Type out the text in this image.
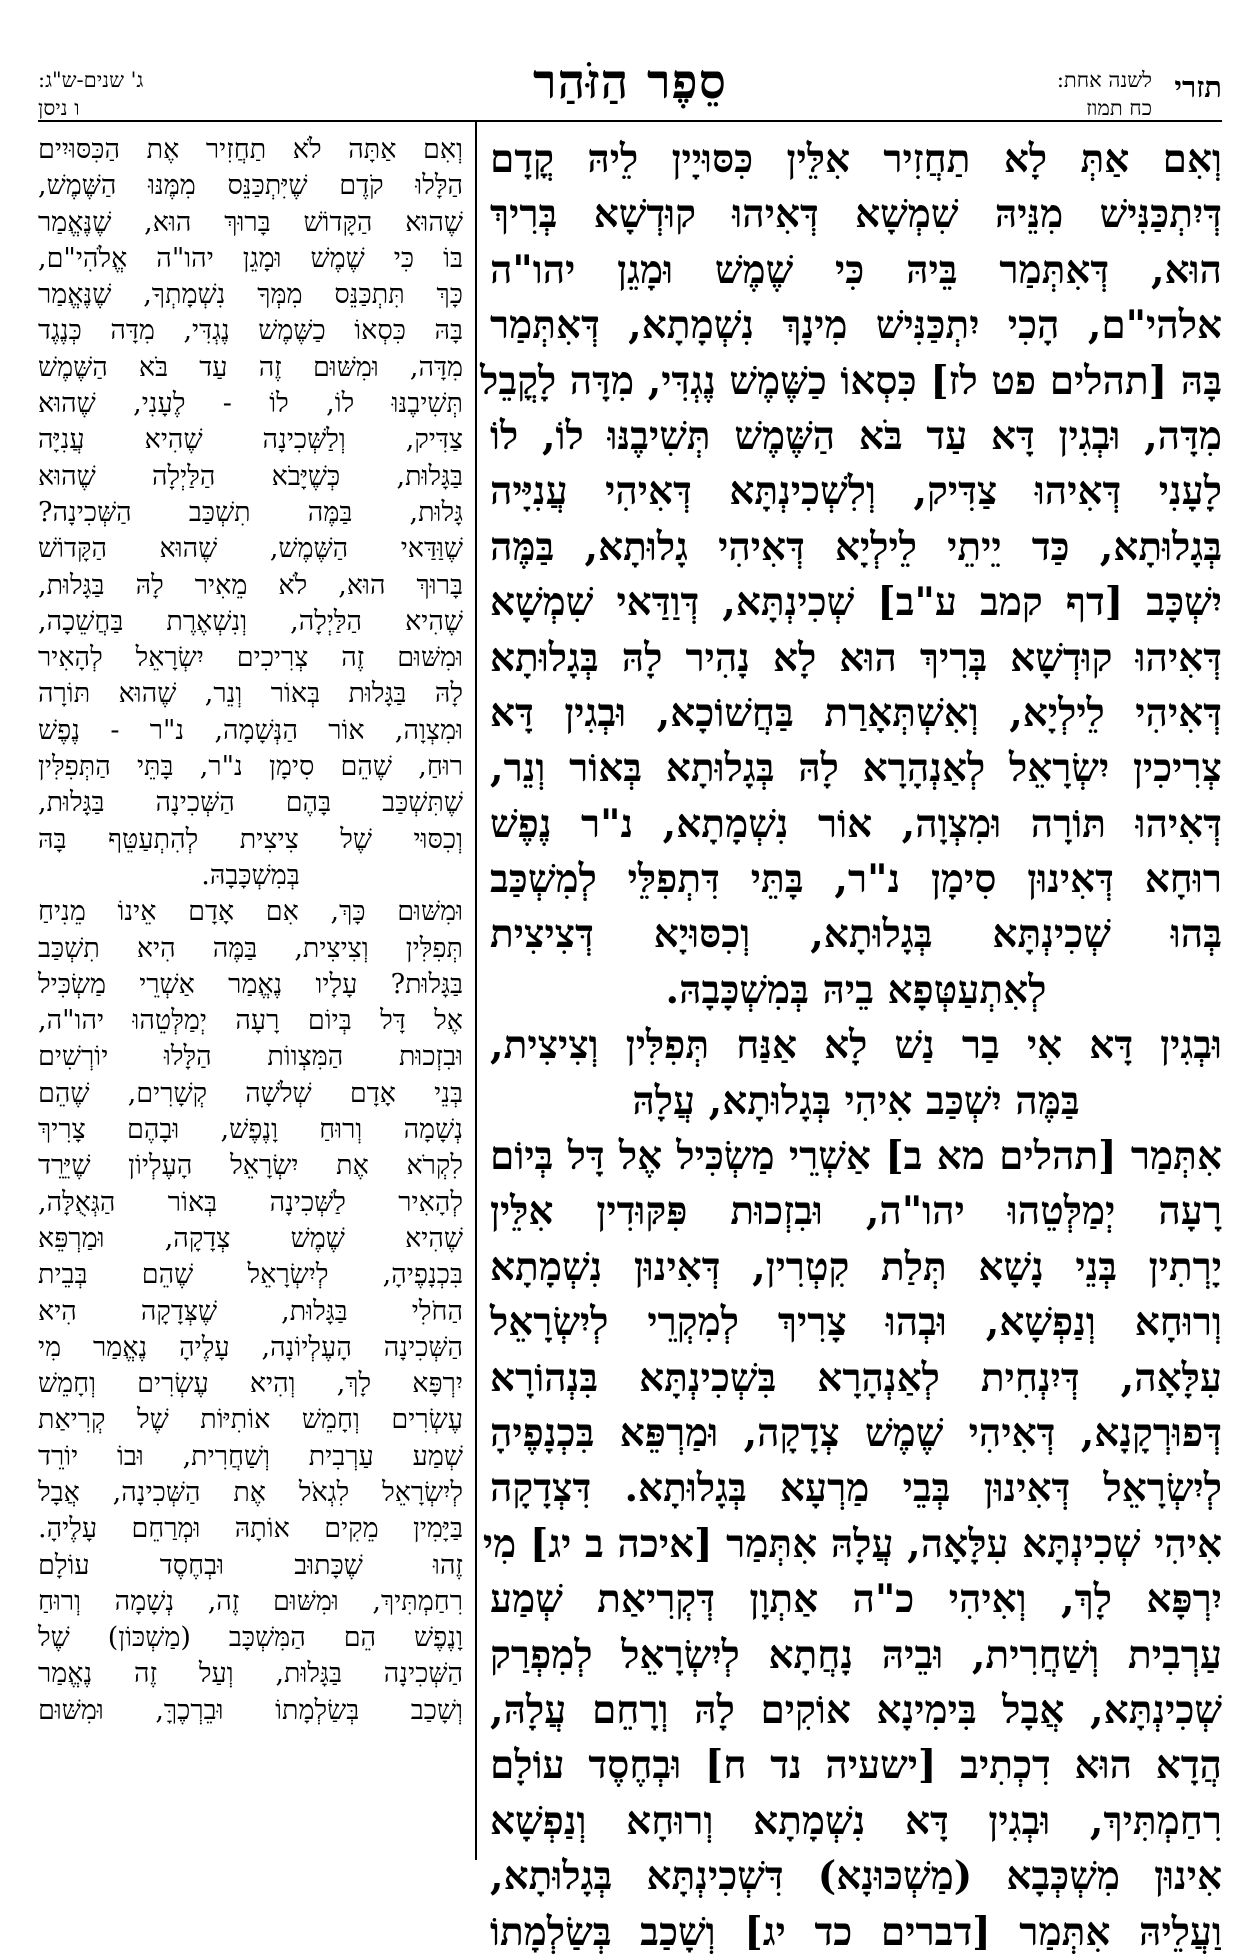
תזרי
לשנה אחת:
כח תמוז
סֵפֶר הַזֹּהַר
ג' שנים-ש"ג:
ו ניסן
וְאִם אַתְּ לָא תַחֲזִיר אִלֵּין כִּסּוּיָין לֵיהּ קֳדָם
דְּיִתְכַּנִּישׁ מִנֵּיהּ שִׁמְשָׁא דְּאִיהוּ קוּדְשָׁא בְּרִיךְ
הוּא, דְּאִתְּמַר בֵּיהּ כִּי שֶׁמֶשׁ וּמָגֵן יהו"ה
אלהי"ם, הָכִי יִתְכַּנִּישׁ מִינָךְ נִשְׁמָתָא, דְּאִתְּמַר
בָּהּ [תהלים פט לז] כִּסְאוֹ כַשֶּׁמֶשׁ נֶגְדִּי, מִדָּה לָקֳבֵל
מִדָּה, וּבְגִין דָּא עַד בֹּא הַשֶּׁמֶשׁ תְּשִׁיבֶנּוּ לוֹ, לוֹ
לָעָנִי דְּאִיהוּ צַדִּיק, וְלִשְׁכִינְתָּא דְּאִיהִי עֲנִיָּיה
בְּגָלוּתָא, כַּד יֵיתֵי לֵילְיָא דְּאִיהִי גָלוּתָא, בַּמֶּה
יִשְׁכָּב [דף קמב ע"ב] שְׁכִינְתָּא, דְּוַדַּאי שִׁמְשָׁא
דְּאִיהוּ קוּדְשָׁא בְּרִיךְ הוּא לָא נָהִיר לָהּ בְּגָלוּתָא
דְּאִיהִי לֵילְיָא, וְאִשְׁתְּאָרַת בַּחֲשׁוֹכָא, וּבְגִין דָּא
צְרִיכִין יִשְׂרָאֵל לְאַנְהָרָא לָהּ בְּגָלוּתָא בְּאוֹר וְנֵר,
דְּאִיהוּ תּוֹרָה וּמִצְוָה, אוֹר נִשְׁמָתָא, נ"ר נֶפֶשׁ
רוּחָא דְּאִינוּן סִימָן נ"ר, בָּתֵּי דִּתְפִלֵּי לְמִשְׁכַּב
בְּהוּ שְׁכִינְתָּא בְּגָלוּתָא, וְכִסּוּיָא דְּצִיצִית
לְאִתְעַטְּפָא בֵיהּ בְּמִשְׁכָּבָהּ.
וּבְגִין דָּא אִי בַר נַשׁ לָא אַנַּח תְּפִלִּין וְצִיצִית,
בַּמֶּה יִשְׁכַּב אִיהִי בְּגָלוּתָא, עֲלָהּ
אִתְּמַר [תהלים מא ב] אַשְׁרֵי מַשְׂכִּיל אֶל דָּל בְּיוֹם
רָעָה יְמַלְּטֵהוּ יהו"ה, וּבִזְכוּת פִּקּוּדִין אִלֵּין
יָרְתִין בְּנֵי נָשָׁא תְּלַת קִטְרִין, דְּאִינוּן נִשְׁמָתָא
וְרוּחָא וְנַפְשָׁא, וּבְהוּ צָרִיךְ לְמִקְרֵי לְיִשְׂרָאֵל
עִלָּאָה, דְּיִנְחִית לְאַנְהָרָא בִּשְׁכִינְתָּא בִּנְהוֹרָא
דְּפוּרְקָנָא, דְּאִיהִי שֶׁמֶשׁ צְדָקָה, וּמַרְפֵּא בִּכְנָפֶיהָ
לְיִשְׂרָאֵל דְּאִינוּן בְּבֵי מַרְעָא בְּגָלוּתָא. דִּצְדָקָה
אִיהִי שְׁכִינְתָּא עִלָּאָה, עֲלָהּ אִתְּמַר [איכה ב יג] מִי
יִרְפָּא לָךְ, וְאִיהִי כ"ה אַתְוָן דְּקְרִיאַת שְׁמַע
עַרְבִית וְשַׁחֲרִית, וּבֵיהּ נָחֲתָא לְיִשְׂרָאֵל לְמִפְרַק
שְׁכִינְתָּא, אֲבָל בִּימִינָא אוֹקִים לָהּ וְרָחֵם עֲלָהּ,
הֲדָא הוּא דִכְתִיב [ישעיה נד ח] וּבְחֶסֶד עוֹלָם
רִחַמְתִּיךְ, וּבְגִין דָּא נִשְׁמָתָא וְרוּחָא וְנַפְשָׁא
אִינוּן מִשְׁכְּבָא (מַשְׁכּוּנָא) דִּשְׁכִינְתָּא בְּגָלוּתָא,
וַעֲלֵיהּ אִתְּמַר [דברים כד יג] וְשָׁכַב בְּשַׂלְמָתוֹ
וְאִם אַתָּה לֹא תַחֲזִיר אֶת הַכִּסּוּיִים
הַלָּלוּ קֹדֶם שֶׁיִּתְכַּנֵּס מִמֶּנּוּ הַשֶּׁמֶשׁ,
שֶׁהוּא הַקָּדוֹשׁ בָּרוּךְ הוּא, שֶׁנֶּאֱמַר
בּוֹ כִּי שֶׁמֶשׁ וּמָגֵן יהו"ה אֱלֹהִי"ם,
כָּךְ תִּתְכַּנֵּס מִמְּךָ נִשְׁמָתְךָ, שֶׁנֶּאֱמַר
בָּהּ כִּסְאוֹ כַשֶּׁמֶשׁ נֶגְדִּי, מִדָּה כְּנֶגֶד
מִדָּה, וּמִשּׁוּם זֶה עַד בֹּא הַשֶּׁמֶשׁ
תְּשִׁיבֶנּוּ לוֹ, לוֹ - לֶעָנִי, שֶׁהוּא
צַדִּיק, וְלַשְּׁכִינָה שֶׁהִיא עֲנִיָּה
בַּגָּלוּת, כְּשֶׁיָּבֹא הַלַּיְלָה שֶׁהוּא
גָּלוּת, בַּמֶּה תִשְׁכַּב הַשְּׁכִינָה?
שֶׁוַּדַּאי הַשֶּׁמֶשׁ, שֶׁהוּא הַקָּדוֹשׁ
בָּרוּךְ הוּא, לֹא מֵאִיר לָהּ בַּגָּלוּת,
שֶׁהִיא הַלַּיְלָה, וְנִשְׁאֶרֶת בַּחֲשֵׁכָה,
וּמִשּׁוּם זֶה צְרִיכִים יִשְׂרָאֵל לְהָאִיר
לָהּ בַּגָּלוּת בְּאוֹר וְנֵר, שֶׁהוּא תּוֹרָה
וּמִצְוָה, אוֹר הַנְּשָׁמָה, נ"ר - נֶפֶשׁ
רוּחַ, שֶׁהֵם סִימָן נ"ר, בָּתֵּי הַתְּפִלִּין
שֶׁתִּשְׁכַּב בָּהֶם הַשְּׁכִינָה בַּגָּלוּת,
וְכִסּוּי שֶׁל צִיצִית לְהִתְעַטֵּף בָּהּ
בְּמִשְׁכָּבָהּ.
וּמִשּׁוּם כָּךְ, אִם אָדָם אֵינוֹ מֵנִיחַ
תְּפִלִּין וְצִיצִית, בַּמֶּה הִיא תִשְׁכַּב
בַּגָּלוּת? עָלָיו נֶאֱמַר אַשְׁרֵי מַשְׂכִּיל
אֶל דָּל בְּיוֹם רָעָה יְמַלְּטֵהוּ יהו"ה,
וּבִזְכוּת הַמִּצְווֹת הַלָּלוּ יוֹרְשִׁים
בְּנֵי אָדָם שְׁלֹשָׁה קְשָׁרִים, שֶׁהֵם
נְשָׁמָה וְרוּחַ וָנֶפֶשׁ, וּבָהֶם צָרִיךְ
לִקְרֹא אֶת יִשְׂרָאֵל הָעֶלְיוֹן שֶׁיֵּרֵד
לְהָאִיר לַשְּׁכִינָה בְּאוֹר הַגְּאֻלָּה,
שֶׁהִיא שֶׁמֶשׁ צְדָקָה, וּמַרְפֵּא
בִּכְנָפֶיהָ, לְיִשְׂרָאֵל שֶׁהֵם בְּבֵית
הַחֹלִי בַּגָּלוּת, שֶׁצְּדָקָה הִיא
הַשְּׁכִינָה הָעֶלְיוֹנָה, עָלֶיהָ נֶאֱמַר מִי
יִרְפָּא לָךְ, וְהִיא עֶשְׂרִים וְחָמֵשׁ
עֶשְׂרִים וְחָמֵשׁ אוֹתִיּוֹת שֶׁל קְרִיאַת
שְׁמַע עַרְבִית וְשַׁחֲרִית, וּבוֹ יוֹרֵד
לְיִשְׂרָאֵל לִגְאֹל אֶת הַשְּׁכִינָה, אֲבָל
בַּיָּמִין מֵקִים אוֹתָהּ וּמְרַחֵם עָלֶיהָ.
זֶהוּ שֶׁכָּתוּב וּבְחֶסֶד עוֹלָם
רִחַמְתִּיךְ, וּמִשּׁוּם זֶה, נְשָׁמָה וְרוּחַ
וָנֶפֶשׁ הֵם הַמִּשְׁכָּב (מַשְׁכּוֹן) שֶׁל
הַשְּׁכִינָה בַּגָּלוּת, וְעַל זֶה נֶאֱמַר
וְשָׁכַב בְּשַׂלְמָתוֹ וּבֵרְכֶךָּ, וּמִשּׁוּם
